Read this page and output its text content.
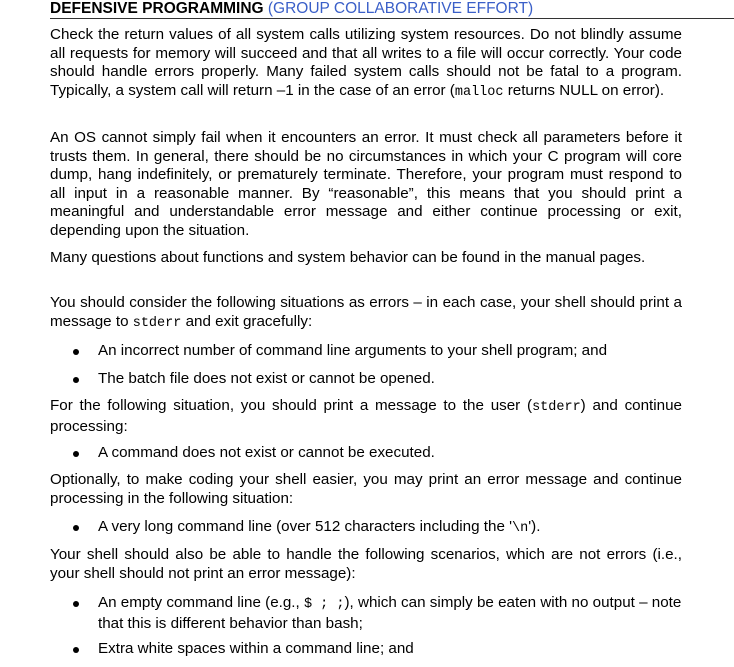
DEFENSIVE PROGRAMMING (GROUP COLLABORATIVE EFFORT)

Check the return values of all system calls utilizing system resources. Do not blindly assume all requests for memory will succeed and that all writes to a file will occur correctly. Your code should handle errors properly. Many failed system calls should not be fatal to a program. Typically, a system call will return –1 in the case of an error (malloc returns NULL on error).

An OS cannot simply fail when it encounters an error. It must check all parameters before it trusts them. In general, there should be no circumstances in which your C program will core dump, hang indefinitely, or prematurely terminate. Therefore, your program must respond to all input in a reasonable manner. By “reasonable”, this means that you should print a meaningful and understandable error message and either continue processing or exit, depending upon the situation.

Many questions about functions and system behavior can be found in the manual pages.

You should consider the following situations as errors – in each case, your shell should print a message to stderr and exit gracefully:

An incorrect number of command line arguments to your shell program; and
The batch file does not exist or cannot be opened.

For the following situation, you should print a message to the user (stderr) and continue processing:

A command does not exist or cannot be executed.

Optionally, to make coding your shell easier, you may print an error message and continue processing in the following situation:

A very long command line (over 512 characters including the '\n').

Your shell should also be able to handle the following scenarios, which are not errors (i.e., your shell should not print an error message):

An empty command line (e.g., $ ; ;), which can simply be eaten with no output – note that this is different behavior than bash;
Extra white spaces within a command line; and
